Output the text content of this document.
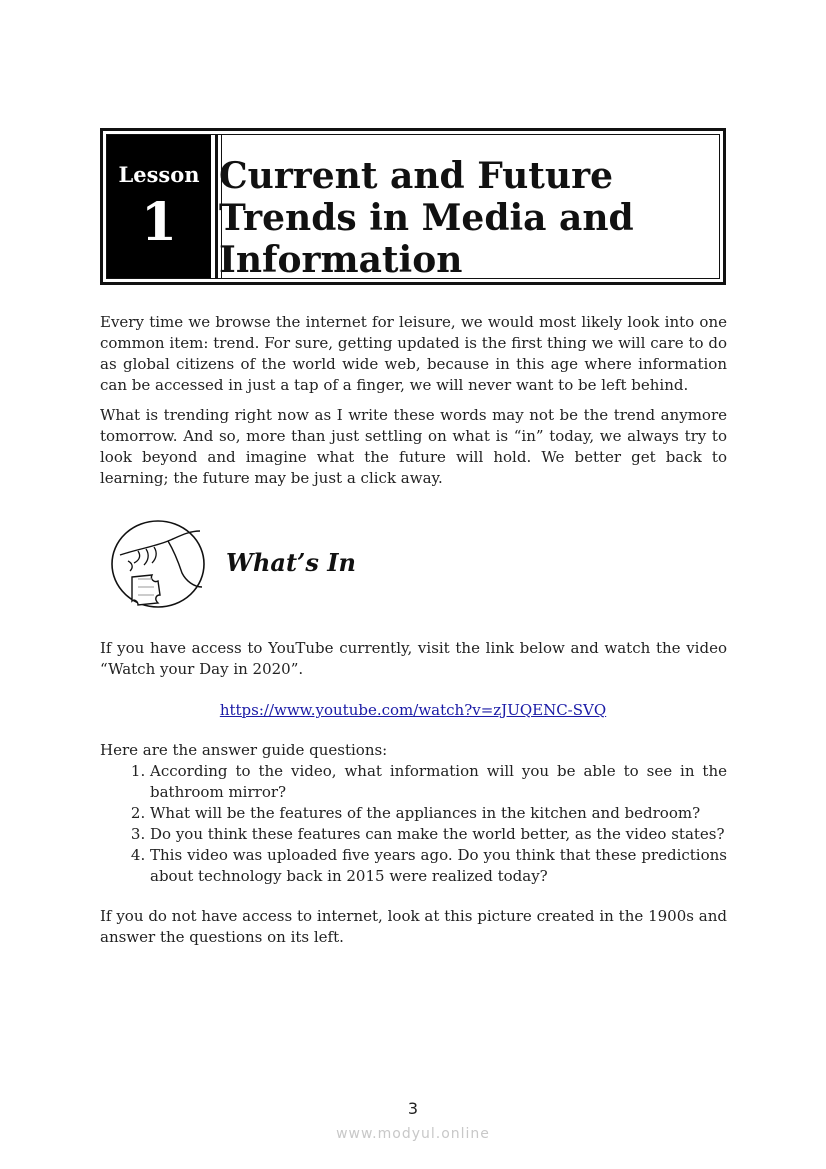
Lesson
1
Current and Future Trends in Media and Information

Every time we browse the internet for leisure, we would most likely look into one common item: trend. For sure, getting updated is the first thing we will care to do as global citizens of the world wide web, because in this age where information can be accessed in just a tap of a finger, we will never want to be left behind.

What is trending right now as I write these words may not be the trend anymore tomorrow. And so, more than just settling on what is “in” today, we always try to look beyond and imagine what the future will hold. We better get back to learning; the future may be just a click away.

What’s In

If you have access to YouTube currently, visit the link below and watch the video “Watch your Day in 2020”.

https://www.youtube.com/watch?v=zJUQENC-SVQ

Here are the answer guide questions:

1. According to the video, what information will you be able to see in the bathroom mirror?
2. What will be the features of the appliances in the kitchen and bedroom?
3. Do you think these features can make the world better, as the video states?
4. This video was uploaded five years ago. Do you think that these predictions about technology back in 2015 were realized today?

If you do not have access to internet, look at this picture created in the 1900s and answer the questions on its left.

3
www.modyul.online
